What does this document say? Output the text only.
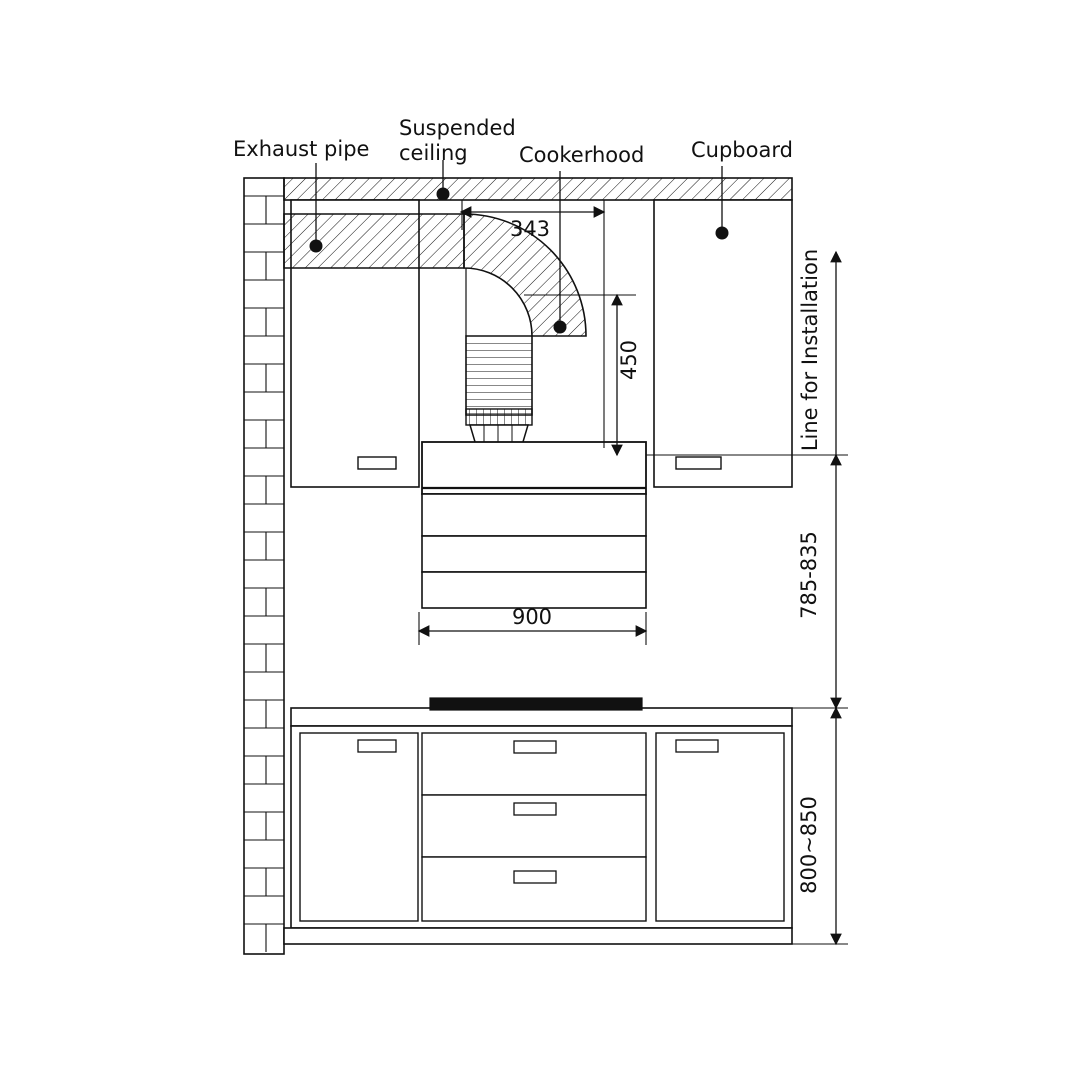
Exhaust pipe
Suspended
ceiling Cookerhood Cupboard
343
450
900
Line for Installation
785-835
800~850
